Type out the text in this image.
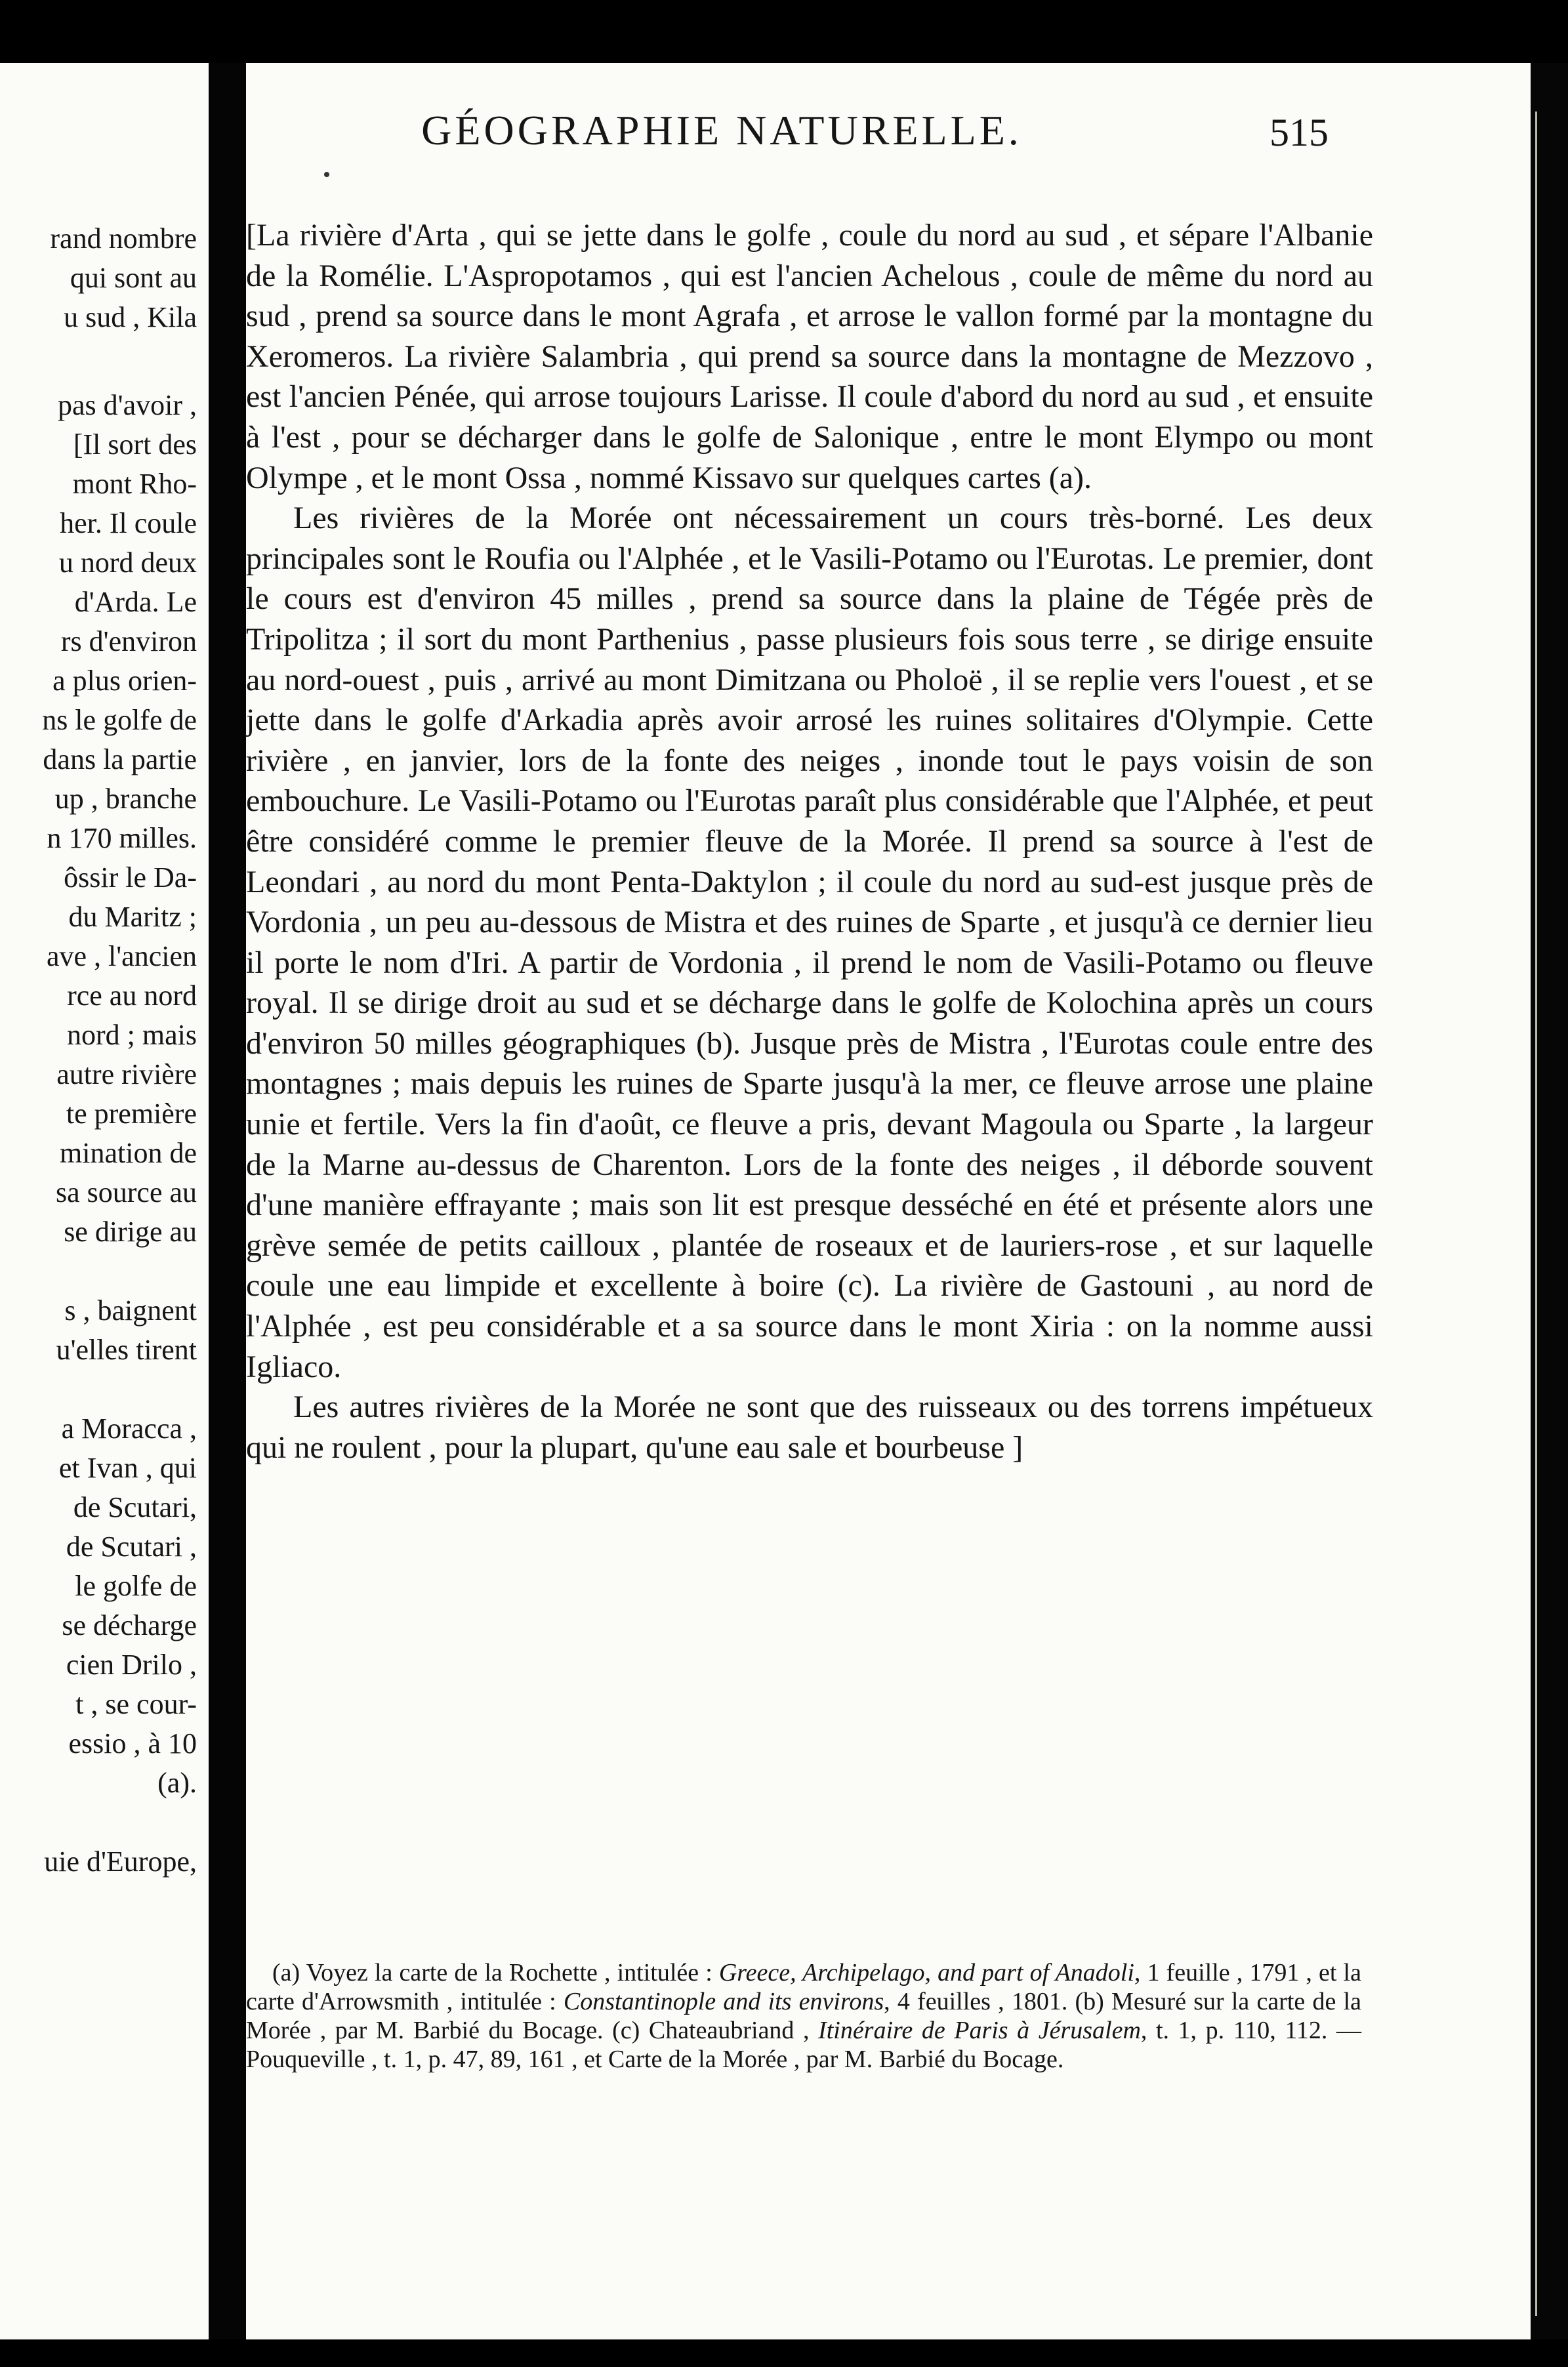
rand nombre
qui sont au
u sud , Kila
pas d'avoir ,
[Il sort des
mont Rho-
her. Il coule
u nord deux
d'Arda. Le
rs d'environ
a plus orien-
ns le golfe de
dans la partie
up , branche
n 170 milles.
ôssir le Da-
du Maritz ;
ave , l'ancien
rce au nord
nord ; mais
autre rivière
te première
mination de
sa source au
se dirige au
s , baignent
u'elles tirent
a Moracca ,
et Ivan , qui
de Scutari,
de Scutari ,
le golfe de
se décharge
cien Drilo ,
t , se cour-
essio , à 10
(a).
uie d'Europe,
GÉOGRAPHIE NATURELLE.	515

[La rivière d'Arta , qui se jette dans le golfe , coule du nord au sud , et sépare l'Albanie de la Romélie. L'Aspropotamos , qui est l'ancien Achelous , coule de même du nord au sud , prend sa source dans le mont Agrafa , et arrose le vallon formé par la montagne du Xeromeros. La rivière Salambria , qui prend sa source dans la montagne de Mezzovo , est l'ancien Pénée, qui arrose toujours Larisse. Il coule d'abord du nord au sud , et ensuite à l'est , pour se décharger dans le golfe de Salonique , entre le mont Elympo ou mont Olympe , et le mont Ossa , nommé Kissavo sur quelques cartes (a).

Les rivières de la Morée ont nécessairement un cours très-borné. Les deux principales sont le Roufia ou l'Alphée , et le Vasili-Potamo ou l'Eurotas. Le premier, dont le cours est d'environ 45 milles , prend sa source dans la plaine de Tégée près de Tripolitza ; il sort du mont Parthenius , passe plusieurs fois sous terre , se dirige ensuite au nord-ouest , puis , arrivé au mont Dimitzana ou Pholoë , il se replie vers l'ouest , et se jette dans le golfe d'Arkadia après avoir arrosé les ruines solitaires d'Olympie. Cette rivière , en janvier, lors de la fonte des neiges , inonde tout le pays voisin de son embouchure. Le Vasili-Potamo ou l'Eurotas paraît plus considérable que l'Alphée, et peut être considéré comme le premier fleuve de la Morée. Il prend sa source à l'est de Leondari , au nord du mont Penta-Daktylon ; il coule du nord au sud-est jusque près de Vordonia , un peu au-dessous de Mistra et des ruines de Sparte , et jusqu'à ce dernier lieu il porte le nom d'Iri. A partir de Vordonia , il prend le nom de Vasili-Potamo ou fleuve royal. Il se dirige droit au sud et se décharge dans le golfe de Kolochina après un cours d'environ 50 milles géographiques (b). Jusque près de Mistra , l'Eurotas coule entre des montagnes ; mais depuis les ruines de Sparte jusqu'à la mer, ce fleuve arrose une plaine unie et fertile. Vers la fin d'août, ce fleuve a pris, devant Magoula ou Sparte , la largeur de la Marne au-dessus de Charenton. Lors de la fonte des neiges , il déborde souvent d'une manière effrayante ; mais son lit est presque desséché en été et présente alors une grève semée de petits cailloux , plantée de roseaux et de lauriers-rose , et sur laquelle coule une eau limpide et excellente à boire (c). La rivière de Gastouni , au nord de l'Alphée , est peu considérable et a sa source dans le mont Xiria : on la nomme aussi Igliaco.

Les autres rivières de la Morée ne sont que des ruisseaux ou des torrens impétueux qui ne roulent , pour la plupart, qu'une eau sale et bourbeuse ]

(a) Voyez la carte de la Rochette , intitulée : Greece, Archipelago, and part of Anadoli, 1 feuille , 1791 , et la carte d'Arrowsmith , intitulée : Constantinople and its environs, 4 feuilles , 1801. (b) Mesuré sur la carte de la Morée , par M. Barbié du Bocage. (c) Chateaubriand , Itinéraire de Paris à Jérusalem, t. 1, p. 110, 112. —Pouqueville , t. 1, p. 47, 89, 161 , et Carte de la Morée , par M. Barbié du Bocage.
